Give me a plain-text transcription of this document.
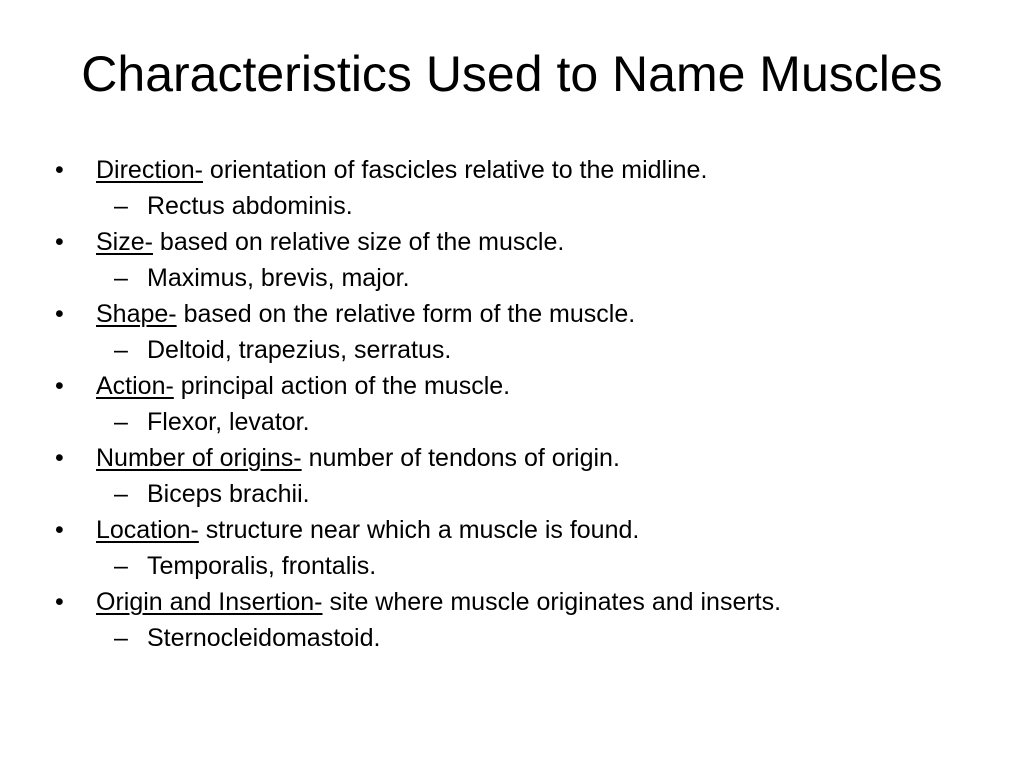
Characteristics Used to Name Muscles
• Direction- orientation of fascicles relative to the midline.
– Rectus abdominis.
• Size- based on relative size of the muscle.
– Maximus, brevis, major.
• Shape- based on the relative form of the muscle.
– Deltoid, trapezius, serratus.
• Action- principal action of the muscle.
– Flexor, levator.
• Number of origins- number of tendons of origin.
– Biceps brachii.
• Location- structure near which a muscle is found.
– Temporalis, frontalis.
• Origin and Insertion- site where muscle originates and inserts.
– Sternocleidomastoid.
